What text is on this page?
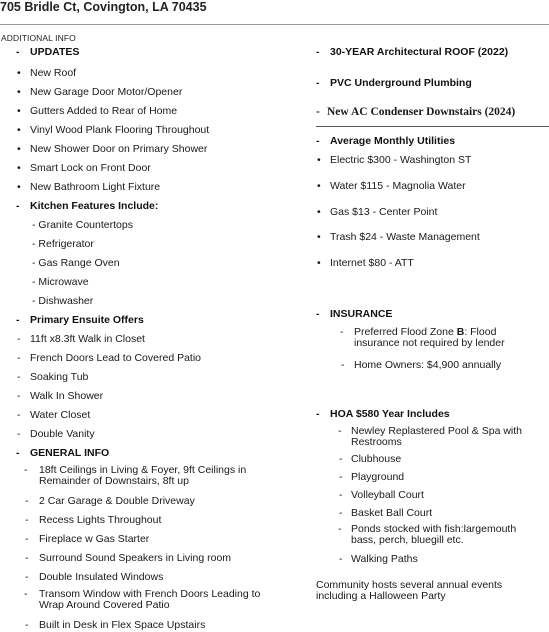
705 Bridle Ct, Covington, LA 70435
ADDITIONAL INFO
- UPDATES
• New Roof
• New Garage Door Motor/Opener
• Gutters Added to Rear of Home
• Vinyl Wood Plank Flooring Throughout
• New Shower Door on Primary Shower
• Smart Lock on Front Door
• New Bathroom Light Fixture
- Kitchen Features Include:
- Granite Countertops
- Refrigerator
- Gas Range Oven
- Microwave
- Dishwasher
- Primary Ensuite Offers
- 11ft x8.3ft Walk in Closet
- French Doors Lead to Covered Patio
- Soaking Tub
- Walk In Shower
- Water Closet
- Double Vanity
- GENERAL INFO
-	18ft Ceilings in Living & Foyer, 9ft Ceilings in Remainder of Downstairs, 8ft up
- 2 Car Garage & Double Driveway
- Recess Lights Throughout
- Fireplace w Gas Starter
- Surround Sound Speakers in Living room
- Double Insulated Windows
-	Transom Window with French Doors Leading to Wrap Around Covered Patio
- Built in Desk in Flex Space Upstairs
- 30-YEAR Architectural ROOF (2022)
- PVC Underground Plumbing
- New AC Condenser Downstairs (2024)
- Average Monthly Utilities
• Electric $300 - Washington ST
• Water $115 - Magnolia Water
• Gas $13 - Center Point
• Trash $24 - Waste Management
• Internet $80 - ATT
- INSURANCE
-	Preferred Flood Zone B: Flood insurance not required by lender
- Home Owners: $4,900 annually
- HOA $580 Year Includes
- Newley Replastered Pool & Spa with Restrooms
- Clubhouse
- Playground
- Volleyball Court
- Basket Ball Court
- Ponds stocked with fish:largemouth bass, perch, bluegill etc.
- Walking Paths
Community hosts several annual events including a Halloween Party
